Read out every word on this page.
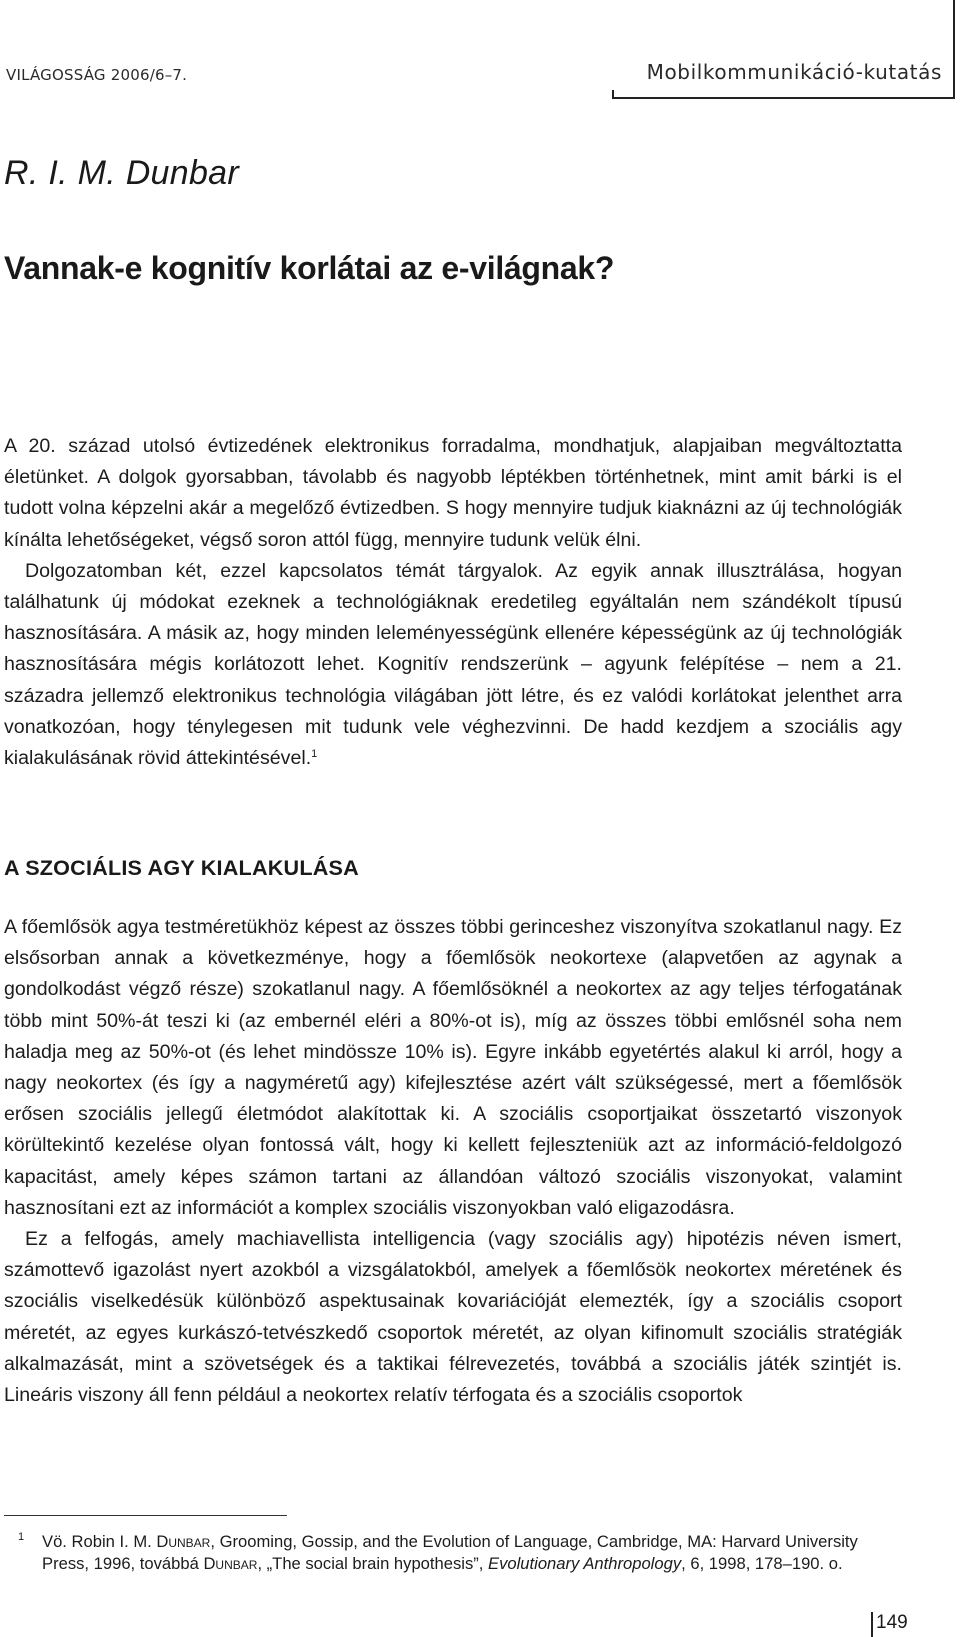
VILÁGOSSÁG 2006/6–7.	Mobilkommunikáció-kutatás
R. I. M. Dunbar
Vannak-e kognitív korlátai az e-világnak?

A 20. század utolsó évtizedének elektronikus forradalma, mondhatjuk, alapjaiban megváltoztatta életünket. A dolgok gyorsabban, távolabb és nagyobb léptékben történhetnek, mint amit bárki is el tudott volna képzelni akár a megelőző évtizedben. S hogy mennyire tudjuk kiaknázni az új technológiák kínálta lehetőségeket, végső soron attól függ, mennyire tudunk velük élni.

Dolgozatomban két, ezzel kapcsolatos témát tárgyalok. Az egyik annak illusztrálása, hogyan találhatunk új módokat ezeknek a technológiáknak eredetileg egyáltalán nem szándékolt típusú hasznosítására. A másik az, hogy minden leleményességünk ellenére képességünk az új technológiák hasznosítására mégis korlátozott lehet. Kognitív rendszerünk – agyunk felépítése – nem a 21. századra jellemző elektronikus technológia világában jött létre, és ez valódi korlátokat jelenthet arra vonatkozóan, hogy ténylegesen mit tudunk vele véghezvinni. De hadd kezdjem a szociális agy kialakulásának rövid áttekintésével.$^1$

A SZOCIÁLIS AGY KIALAKULÁSA

A főemlősök agya testméretükhöz képest az összes többi gerinceshez viszonyítva szokatlanul nagy. Ez elsősorban annak a következménye, hogy a főemlősök neokortexe (alapvetően az agynak a gondolkodást végző része) szokatlanul nagy. A főemlősöknél a neokortex az agy teljes térfogatának több mint 50%-át teszi ki (az embernél eléri a 80%-ot is), míg az összes többi emlősnél soha nem haladja meg az 50%-ot (és lehet mindössze 10% is). Egyre inkább egyetértés alakul ki arról, hogy a nagy neokortex (és így a nagyméretű agy) kifejlesztése azért vált szükségessé, mert a főemlősök erősen szociális jellegű életmódot alakítottak ki. A szociális csoportjaikat összetartó viszonyok körültekintő kezelése olyan fontossá vált, hogy ki kellett fejleszteniük azt az információ-feldolgozó kapacitást, amely képes számon tartani az állandóan változó szociális viszonyokat, valamint hasznosítani ezt az információt a komplex szociális viszonyokban való eligazodásra.

Ez a felfogás, amely machiavellista intelligencia (vagy szociális agy) hipotézis néven ismert, számottevő igazolást nyert azokból a vizsgálatokból, amelyek a főemlősök neokortex méretének és szociális viselkedésük különböző aspektusainak kovariációját elemezték, így a szociális csoport méretét, az egyes kurkászó-tetvészkedő csoportok méretét, az olyan kifinomult szociális stratégiák alkalmazását, mint a szövetségek és a taktikai félrevezetés, továbbá a szociális játék szintjét is. Lineáris viszony áll fenn például a neokortex relatív térfogata és a szociális csoportok

1 Vö. Robin I. M. Dunbar, Grooming, Gossip, and the Evolution of Language, Cambridge, MA: Harvard University Press, 1996, továbbá Dunbar, „The social brain hypothesis”, Evolutionary Anthropology, 6, 1998, 178–190. o.
149
